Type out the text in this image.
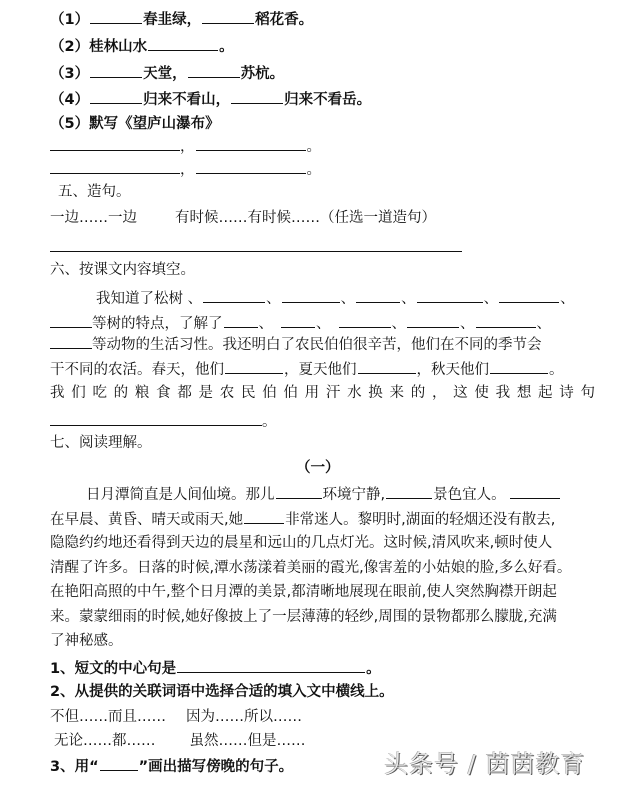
（1）	春韭绿，	稻花香。
（2）桂林山水	。
（3）	天堂，	苏杭。
（4）	归来不看山，	归来不看岳。
（5）默写《望庐山瀑布》
，	。
，	。
五、造句。
一边……一边	有时候……有时候……（任选一道造句）
六、按课文内容填空。
我知道了松树 、	、	、	、	、	、
等树的特点，了解了 、	、	、	、	、
等动物的生活习性。我还明白了农民伯伯很辛苦，他们在不同的季节会
干不同的农活。春天，他们	，夏天他们	，秋天他们	。
我 们 吃 的 粮 食 都 是 农 民 伯 伯 用 汗 水 换 来 的 ， 这 使 我 想 起 诗 句
。
七、阅读理解。
（一）
日月潭简直是人间仙境。那儿	环境宁静,	景色宜人。
在早晨、黄昏、晴天或雨天,她	非常迷人。黎明时,湖面的轻烟还没有散去,
隐隐约约地还看得到天边的晨星和远山的几点灯光。这时候,清风吹来,顿时使人
清醒了许多。日落的时候,潭水荡漾着美丽的霞光,像害羞的小姑娘的脸,多么好看。
在艳阳高照的中午,整个日月潭的美景,都清晰地展现在眼前,使人突然胸襟开朗起
来。蒙蒙细雨的时候,她好像披上了一层薄薄的轻纱,周围的景物都那么朦胧,充满
了神秘感。
1、短文的中心句是	。
2、从提供的关联词语中选择合适的填入文中横线上。
不但……而且…… 因为……所以……
无论……都…… 虽然……但是……
3、用“	”画出描写傍晚的句子。	头条号 / 茵茵教育
